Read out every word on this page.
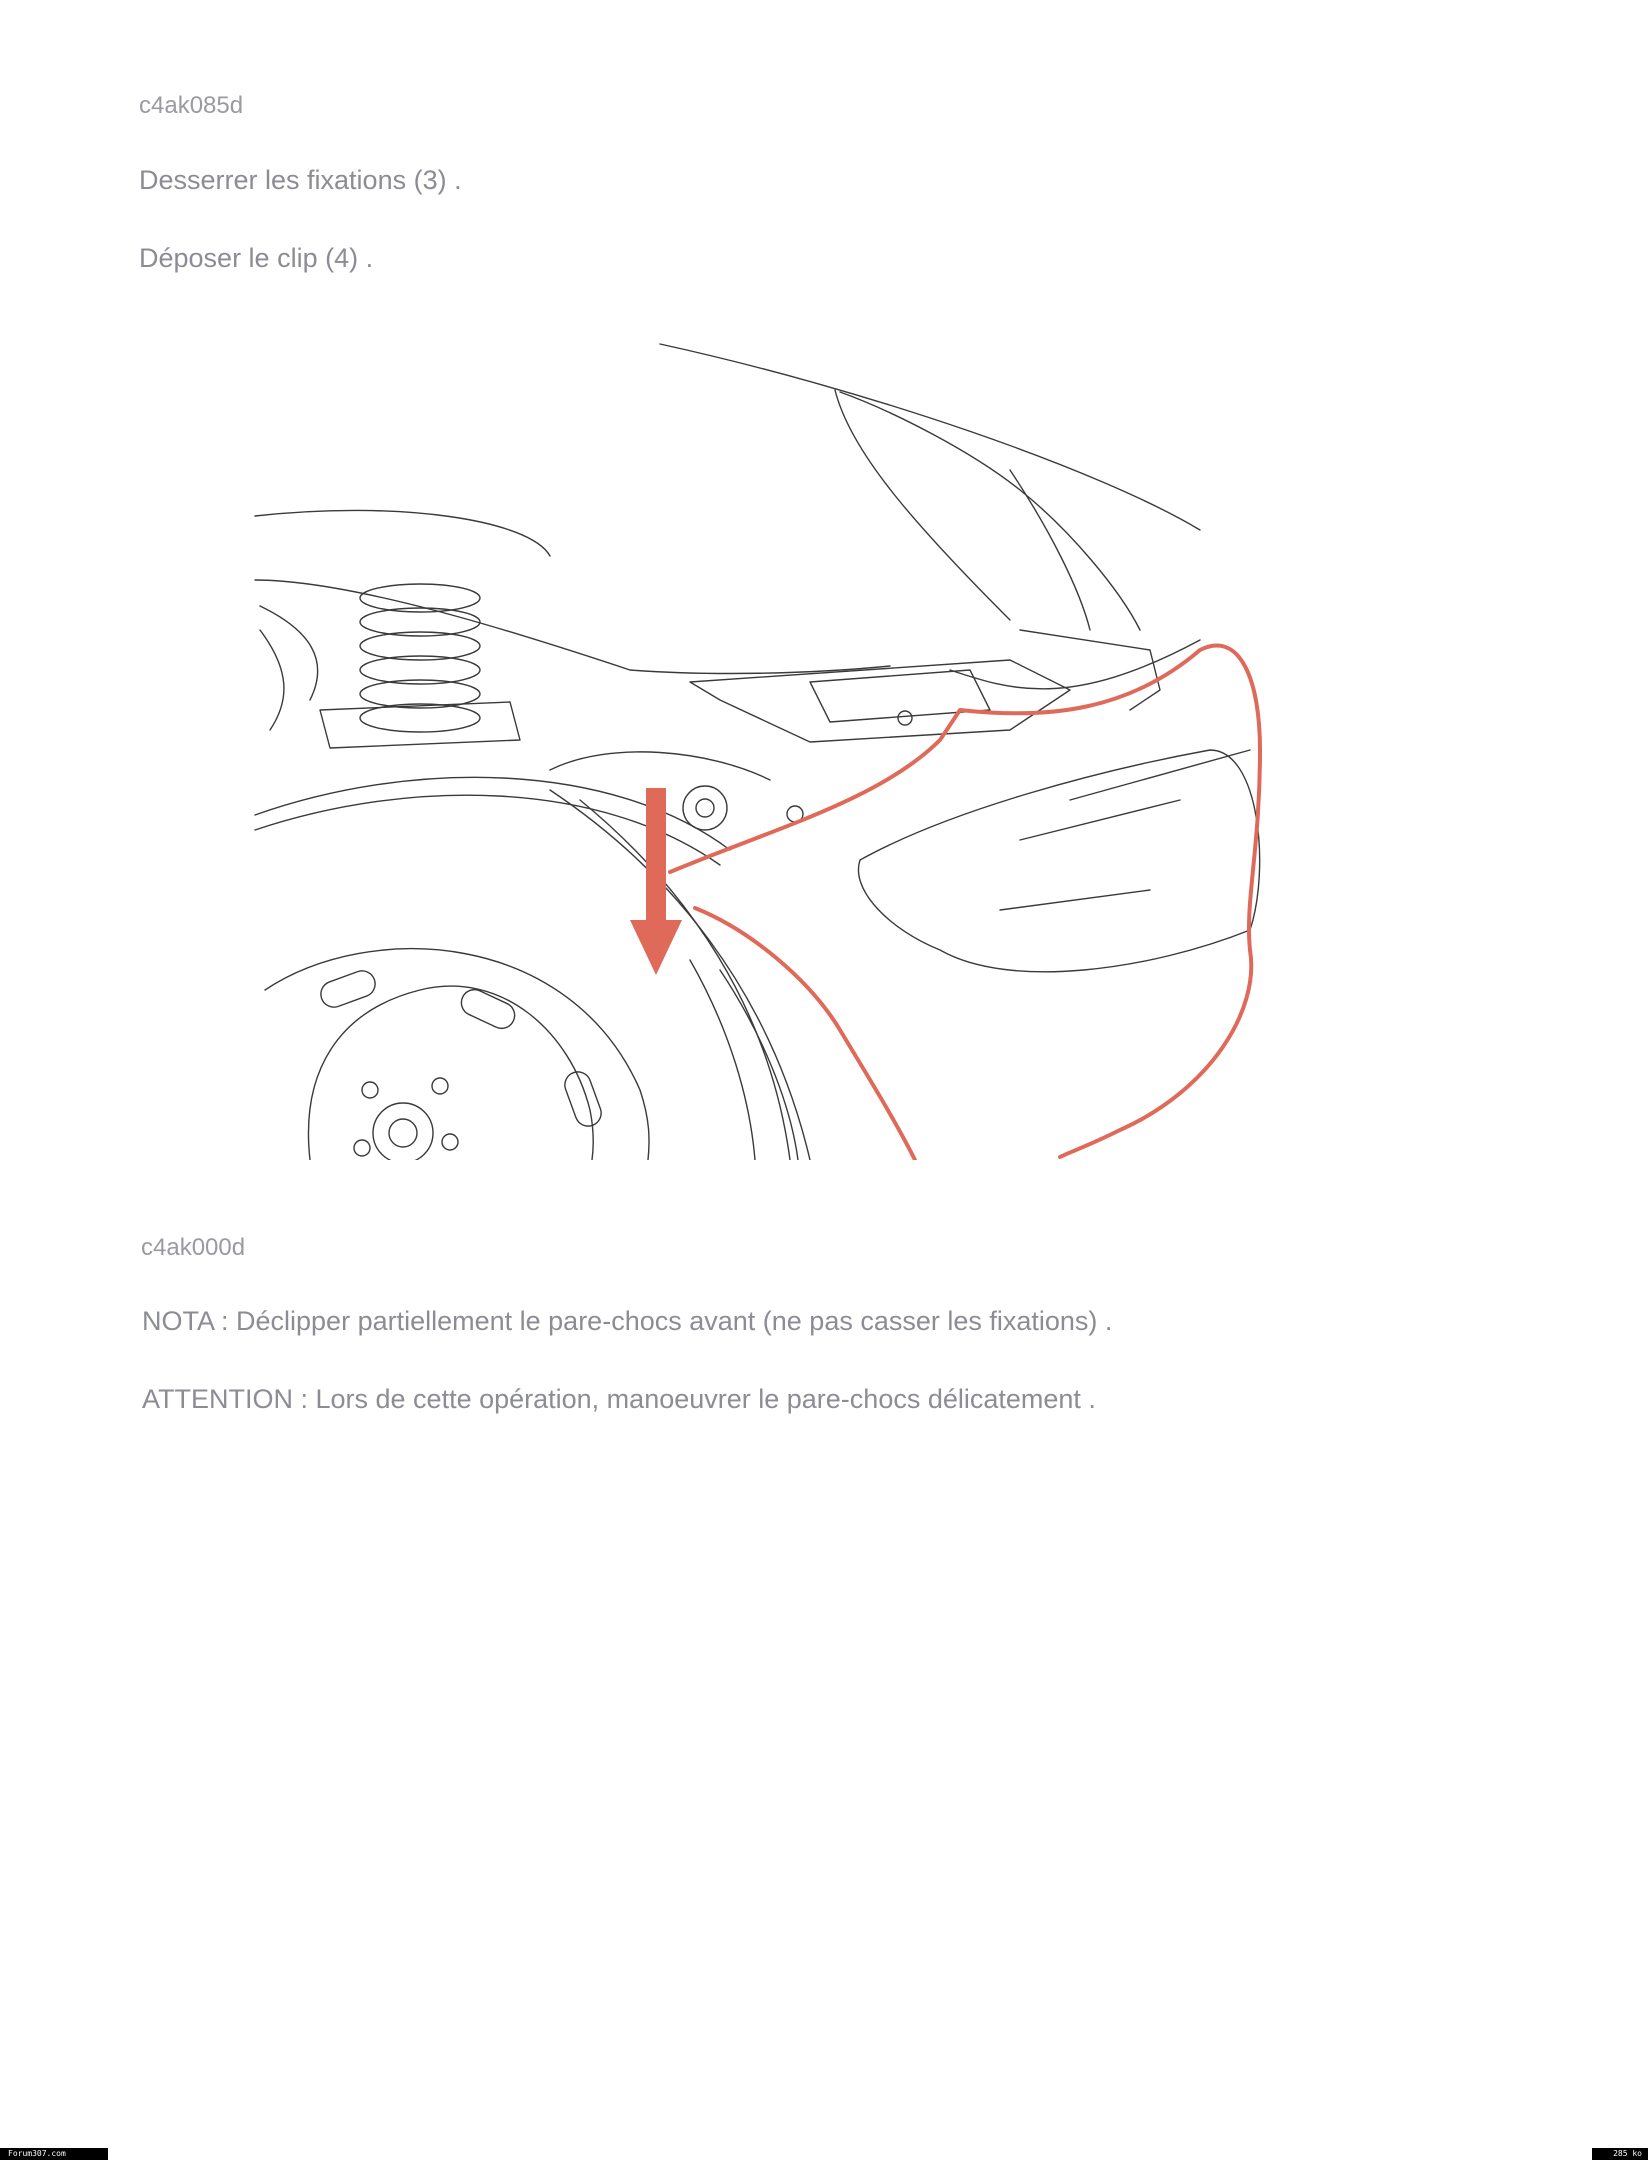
c4ak085d
Desserrer les fixations (3) .
Déposer le clip (4) .
c4ak000d
NOTA : Déclipper partiellement le pare-chocs avant (ne pas casser les fixations) .
ATTENTION : Lors de cette opération, manoeuvrer le pare-chocs délicatement .
Forum307.com	285 ko
